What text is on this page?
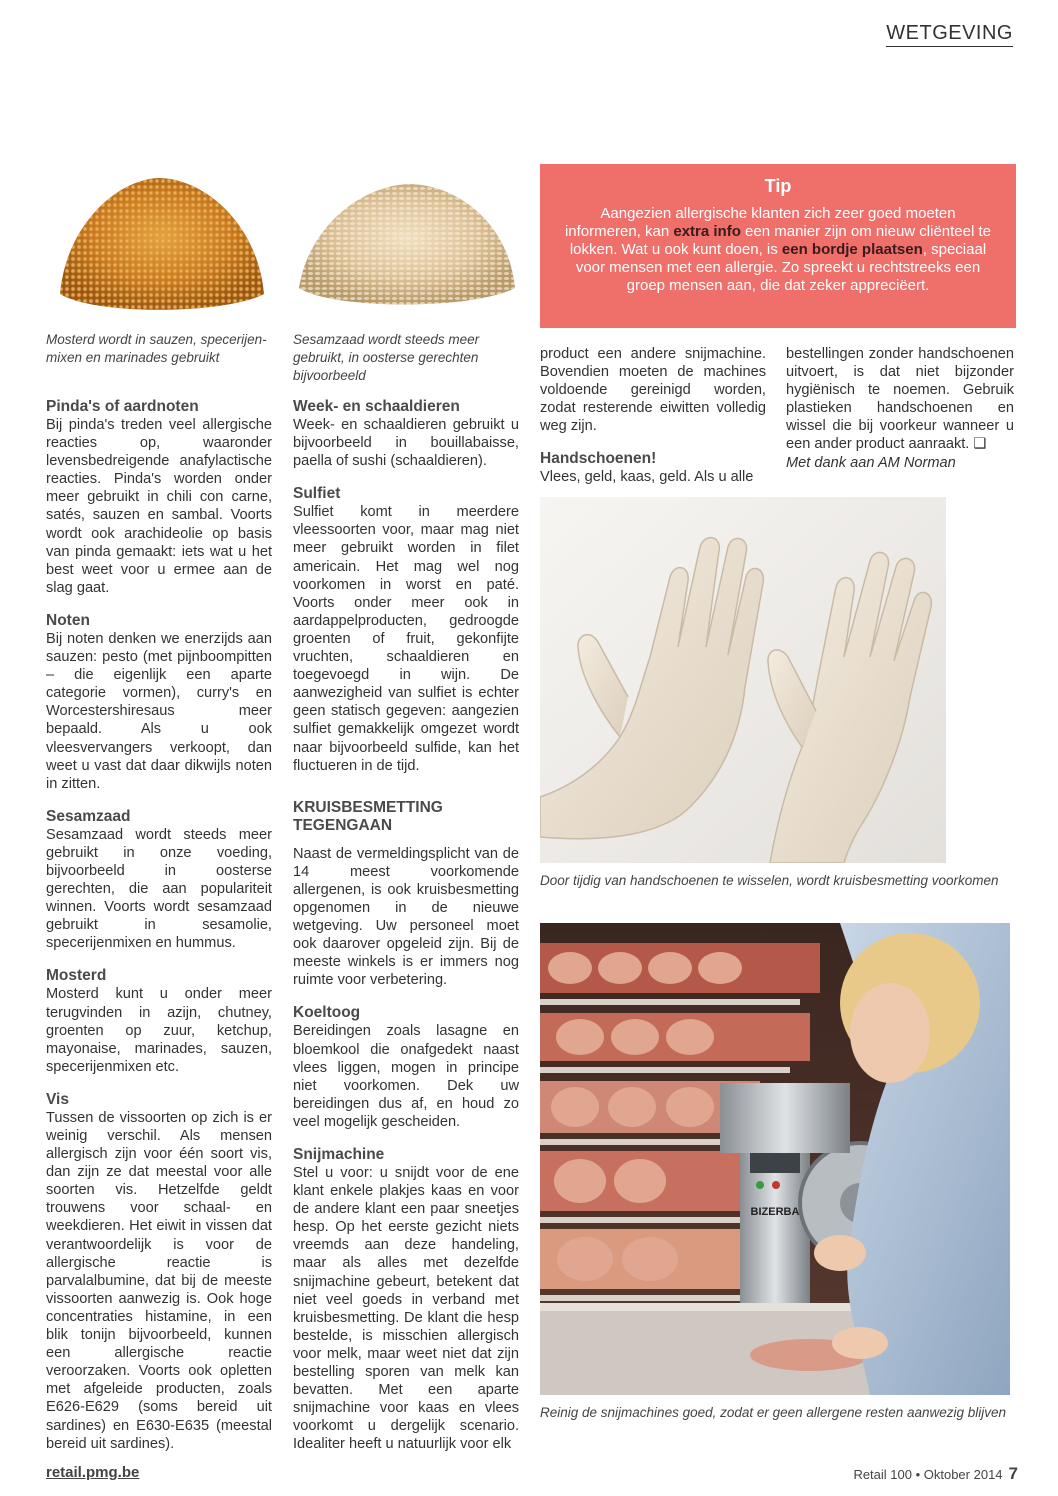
WETGEVING
Mosterd wordt in sauzen, specerijen-mixen en marinades gebruikt
Sesamzaad wordt steeds meer gebruikt, in oosterse gerechten bijvoorbeeld
Tip

Aangezien allergische klanten zich zeer goed moeten informeren, kan extra info een manier zijn om nieuw cliënteel te lokken. Wat u ook kunt doen, is een bordje plaatsen, speciaal voor mensen met een allergie. Zo spreekt u rechtstreeks een groep mensen aan, die dat zeker appreciëert.

Pinda's of aardnoten

Bij pinda's treden veel allergische reacties op, waaronder levensbedreigende anafylactische reacties. Pinda's worden onder meer gebruikt in chili con carne, satés, sauzen en sambal. Voorts wordt ook arachideolie op basis van pinda gemaakt: iets wat u het best weet voor u ermee aan de slag gaat.

Noten

Bij noten denken we enerzijds aan sauzen: pesto (met pijnboompitten – die eigenlijk een aparte categorie vormen), curry's en Worcestershiresaus meer bepaald. Als u ook vleesvervangers verkoopt, dan weet u vast dat daar dikwijls noten in zitten.

Sesamzaad

Sesamzaad wordt steeds meer gebruikt in onze voeding, bijvoorbeeld in oosterse gerechten, die aan populariteit winnen. Voorts wordt sesamzaad gebruikt in sesamolie, specerijenmixen en hummus.

Mosterd

Mosterd kunt u onder meer terugvinden in azijn, chutney, groenten op zuur, ketchup, mayonaise, marinades, sauzen, specerijenmixen etc.

Vis

Tussen de vissoorten op zich is er weinig verschil. Als mensen allergisch zijn voor één soort vis, dan zijn ze dat meestal voor alle soorten vis. Hetzelfde geldt trouwens voor schaal- en weekdieren. Het eiwit in vissen dat verantwoordelijk is voor de allergische reactie is parvalalbumine, dat bij de meeste vissoorten aanwezig is. Ook hoge concentraties histamine, in een blik tonijn bijvoorbeeld, kunnen een allergische reactie veroorzaken. Voorts ook opletten met afgeleide producten, zoals E626-E629 (soms bereid uit sardines) en E630-E635 (meestal bereid uit sardines).

Week- en schaaldieren

Week- en schaaldieren gebruikt u bijvoorbeeld in bouillabaisse, paella of sushi (schaaldieren).

Sulfiet

Sulfiet komt in meerdere vleessoorten voor, maar mag niet meer gebruikt worden in filet americain. Het mag wel nog voorkomen in worst en paté. Voorts onder meer ook in aardappelproducten, gedroogde groenten of fruit, gekonfijte vruchten, schaaldieren en toegevoegd in wijn. De aanwezigheid van sulfiet is echter geen statisch gegeven: aangezien sulfiet gemakkelijk omgezet wordt naar bijvoorbeeld sulfide, kan het fluctueren in de tijd.

KRUISBESMETTING TEGENGAAN

Naast de vermeldingsplicht van de 14 meest voorkomende allergenen, is ook kruisbesmetting opgenomen in de nieuwe wetgeving. Uw personeel moet ook daarover opgeleid zijn. Bij de meeste winkels is er immers nog ruimte voor verbetering.

Koeltoog

Bereidingen zoals lasagne en bloemkool die onafgedekt naast vlees liggen, mogen in principe niet voorkomen. Dek uw bereidingen dus af, en houd zo veel mogelijk gescheiden.

Snijmachine

Stel u voor: u snijdt voor de ene klant enkele plakjes kaas en voor de andere klant een paar sneetjes hesp. Op het eerste gezicht niets vreemds aan deze handeling, maar als alles met dezelfde snijmachine gebeurt, betekent dat niet veel goeds in verband met kruisbesmetting. De klant die hesp bestelde, is misschien allergisch voor melk, maar weet niet dat zijn bestelling sporen van melk kan bevatten. Met een aparte snijmachine voor kaas en vlees voorkomt u dergelijk scenario. Idealiter heeft u natuurlijk voor elk

product een andere snijmachine. Bovendien moeten de machines voldoende gereinigd worden, zodat resterende eiwitten volledig weg zijn.

Handschoenen!

Vlees, geld, kaas, geld. Als u alle

bestellingen zonder handschoenen uitvoert, is dat niet bijzonder hygiënisch te noemen. Gebruik plastieken handschoenen en wissel die bij voorkeur wanneer u een ander product aanraakt. ❑

Met dank aan AM Norman
Door tijdig van handschoenen te wisselen, wordt kruisbesmetting voorkomen
BIZERBA
Reinig de snijmachines goed, zodat er geen allergene resten aanwezig blijven
retail.pmg.be	Retail 100 • Oktober 2014 7
